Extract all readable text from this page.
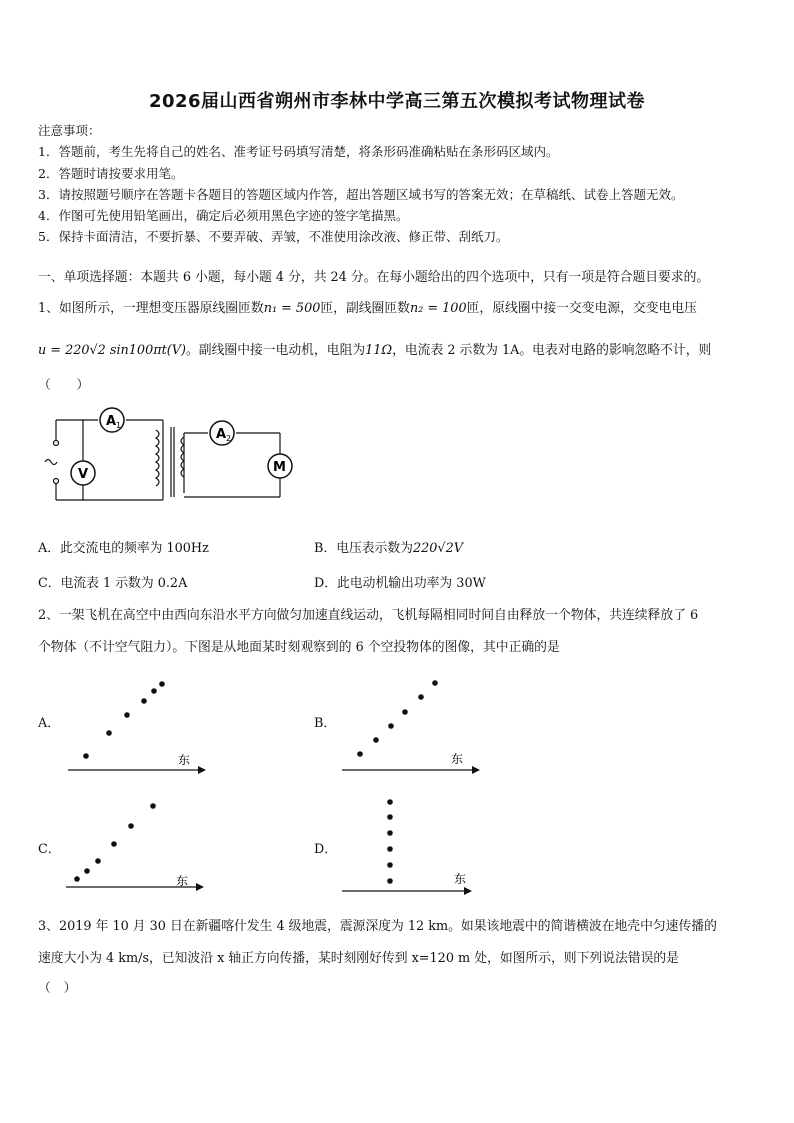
2026届山西省朔州市李林中学高三第五次模拟考试物理试卷
注意事项：
1．答题前，考生先将自己的姓名、准考证号码填写清楚，将条形码准确粘贴在条形码区域内。
2．答题时请按要求用笔。
3．请按照题号顺序在答题卡各题目的答题区域内作答，超出答题区域书写的答案无效；在草稿纸、试卷上答题无效。
4．作图可先使用铅笔画出，确定后必须用黑色字迹的签字笔描黑。
5．保持卡面清洁，不要折暴、不要弄破、弄皱，不准使用涂改液、修正带、刮纸刀。
一、单项选择题：本题共 6 小题，每小题 4 分，共 24 分。在每小题给出的四个选项中，只有一项是符合题目要求的。
1、如图所示，一理想变压器原线圈匝数n₁ = 500匝，副线圈匝数n₂ = 100匝，原线圈中接一交变电源，交变电电压
u = 220√2 sin100πt(V)。副线圈中接一电动机，电阻为11Ω，电流表 2 示数为 1A。电表对电路的影响忽略不计，则
（　　）
A 1
V
A 2
M
A．此交流电的频率为 100Hz	B．电压表示数为220√2V
C．电流表 1 示数为 0.2A	D．此电动机输出功率为 30W
2、一架飞机在高空中由西向东沿水平方向做匀加速直线运动，飞机每隔相同时间自由释放一个物体，共连续释放了 6
个物体（不计空气阻力）。下图是从地面某时刻观察到的 6 个空投物体的图像，其中正确的是
A．	B．
C．	D．
东	东
东	东
3、2019 年 10 月 30 日在新疆喀什发生 4 级地震，震源深度为 12 km。如果该地震中的简谐横波在地壳中匀速传播的
速度大小为 4 km/s，已知波沿 x 轴正方向传播，某时刻刚好传到 x=120 m 处，如图所示，则下列说法错误的是
（　）
